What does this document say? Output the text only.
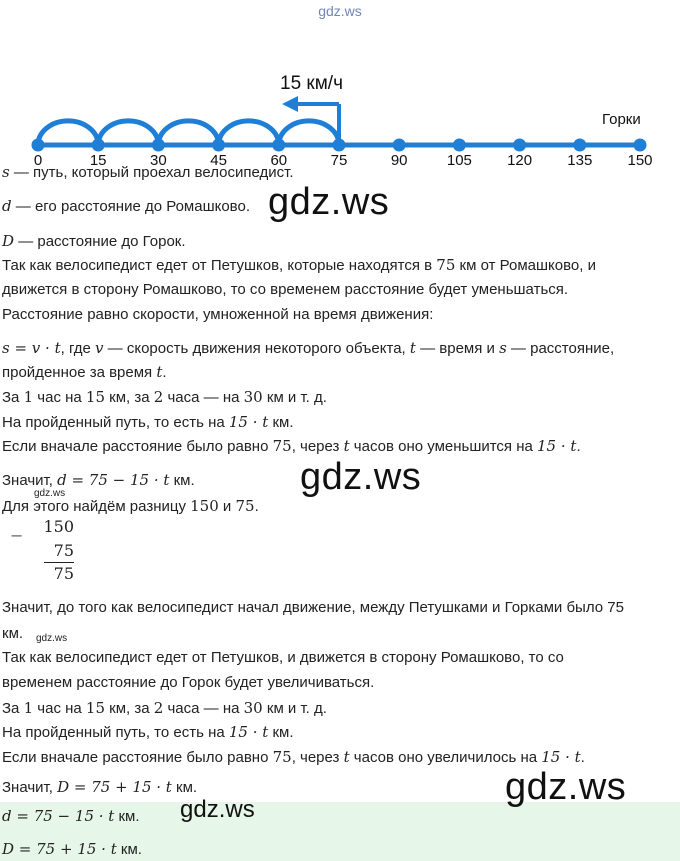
gdz.ws
0	15	30	45	60	75	90	105 120 135 150
15 км/ч
Горки
s — путь, который проехал велосипедист.
d — его расстояние до Ромашково.
D — расстояние до Горок.
Так как велосипедист едет от Петушков, которые находятся в 75 км от Ромашково, и
движется в сторону Ромашково, то со временем расстояние будет уменьшаться.
Расстояние равно скорости, умноженной на время движения:
s = v · t, где v — скорость движения некоторого объекта, t — время и s — расстояние,
пройденное за время t.
За 1 час на 15 км, за 2 часа — на 30 км и т. д.
На пройденный путь, то есть на 15 · t км.
Если вначале расстояние было равно 75, через t часов оно уменьшится на 15 · t.
Значит, d = 75 − 15 · t км.
Для этого найдём разницу 150 и 75.
− 150
75
75
Значит, до того как велосипедист начал движение, между Петушками и Горками было 75
км.
Так как велосипедист едет от Петушков, и движется в сторону Ромашково, то со
временем расстояние до Горок будет увеличиваться.
За 1 час на 15 км, за 2 часа — на 30 км и т. д.
На пройденный путь, то есть на 15 · t км.
Если вначале расстояние было равно 75, через t часов оно увеличилось на 15 · t.
Значит, D = 75 + 15 · t км.
d = 75 − 15 · t км.
D = 75 + 15 · t км.
gdz.ws
gdz.ws
gdz.ws
gdz.ws
gdz.ws
gdz.ws
